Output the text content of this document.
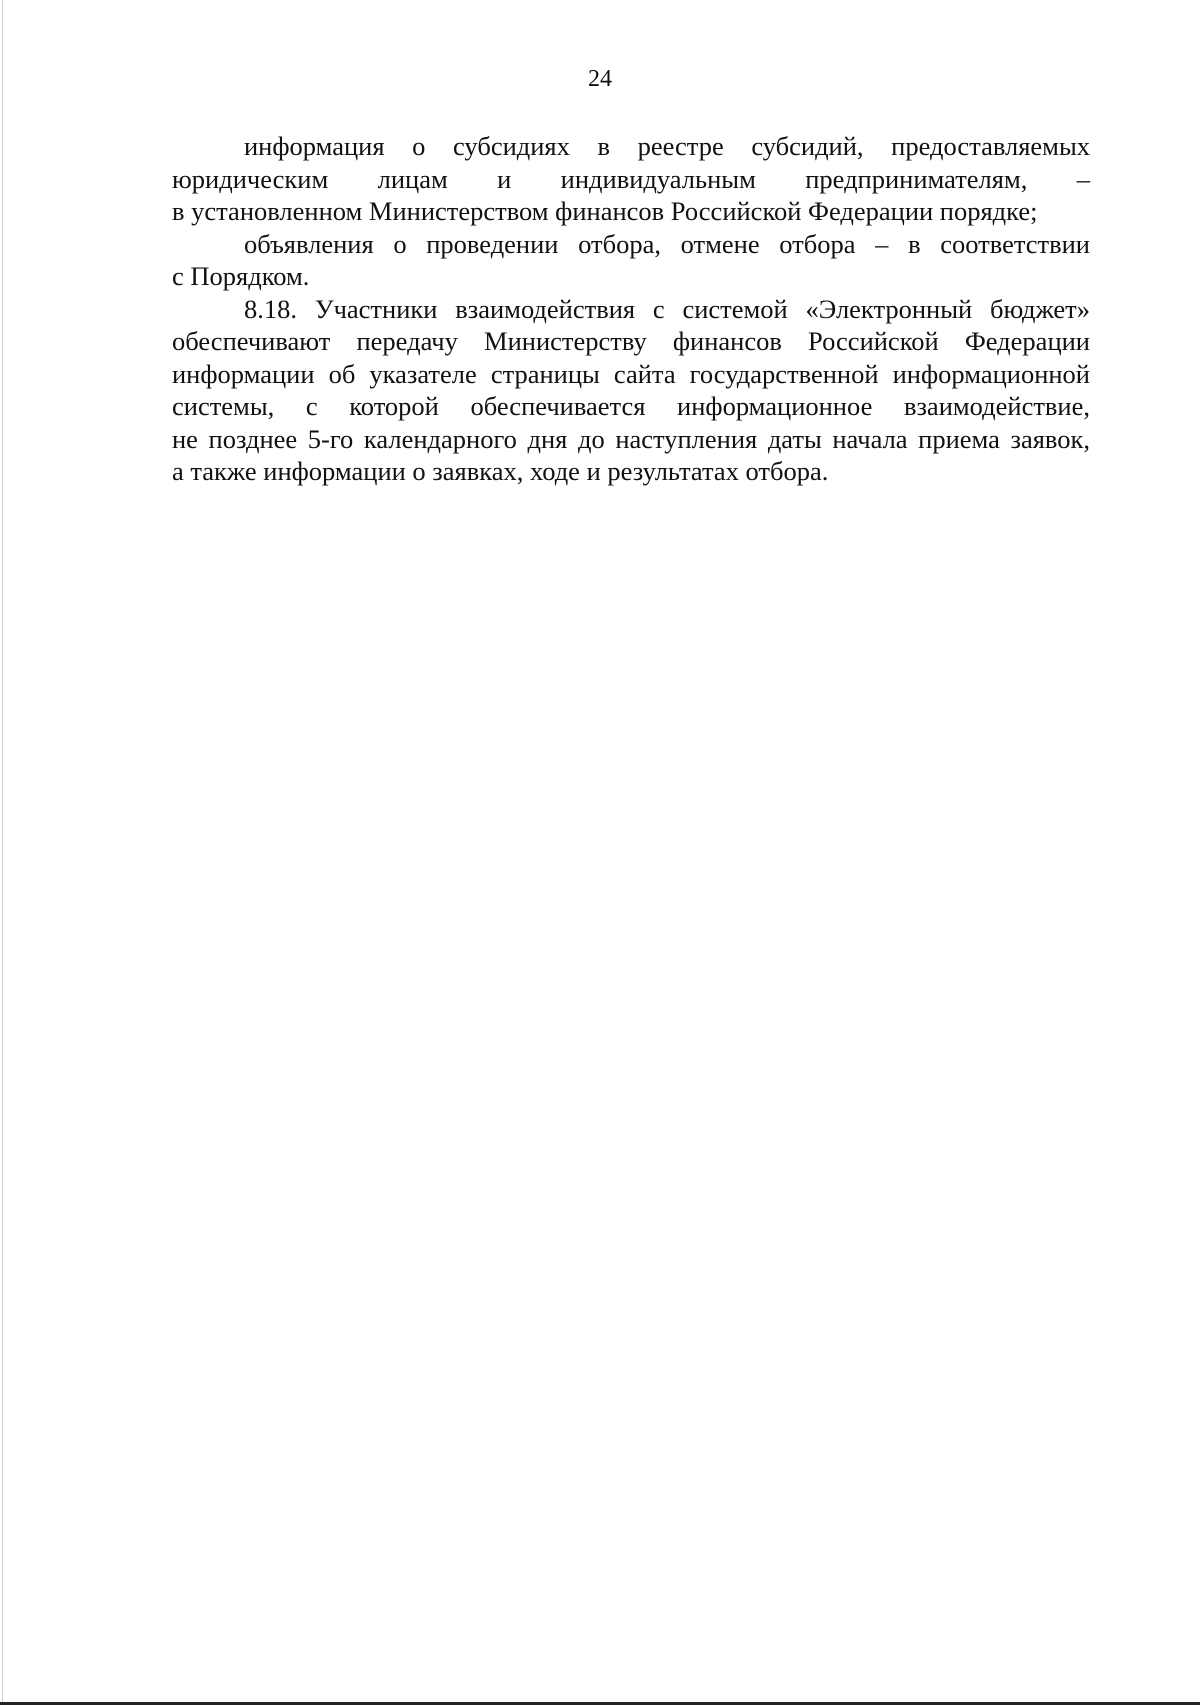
24

информация о субсидиях в реестре субсидий, предоставляемых
юридическим лицам и индивидуальным предпринимателям, –
в установленном Министерством финансов Российской Федерации порядке;

объявления о проведении отбора, отмене отбора – в соответствии
с Порядком.

8.18. Участники взаимодействия с системой «Электронный бюджет»
обеспечивают передачу Министерству финансов Российской Федерации
информации об указателе страницы сайта государственной информационной
системы, с которой обеспечивается информационное взаимодействие,
не позднее 5-го календарного дня до наступления даты начала приема заявок,
а также информации о заявках, ходе и результатах отбора.
